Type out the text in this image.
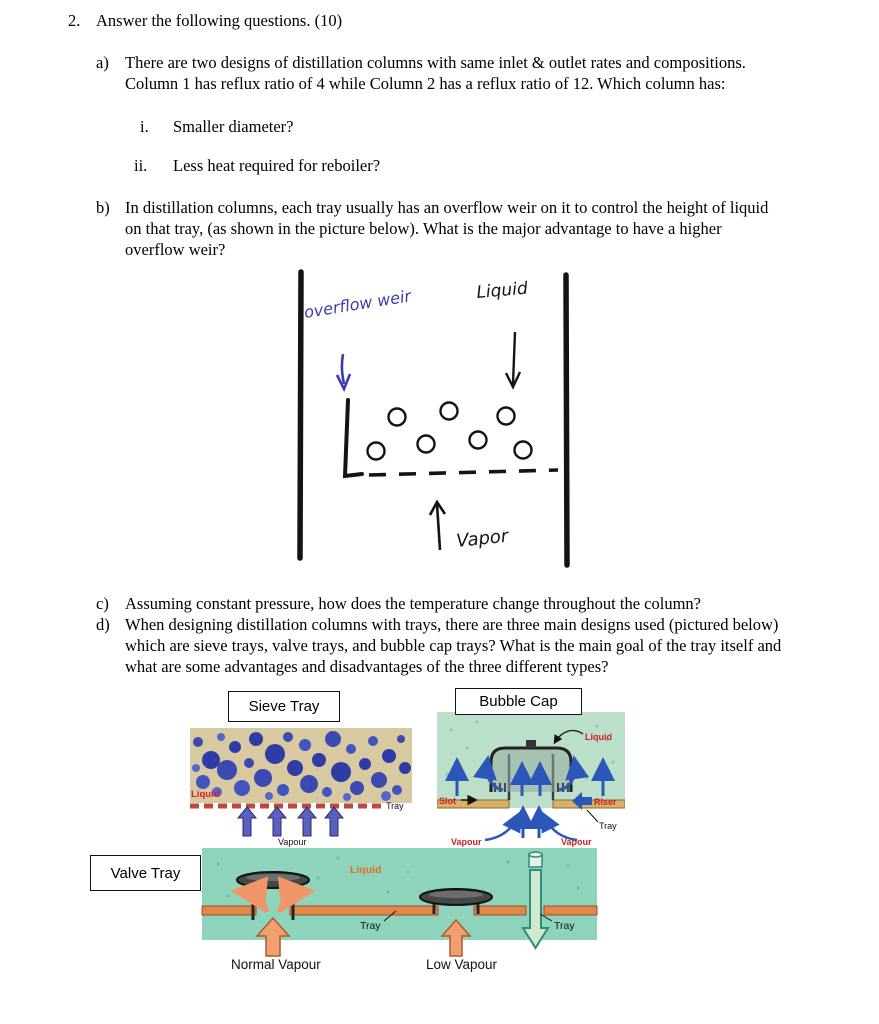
2. Answer the following questions. (10)
a) There are two designs of distillation columns with same inlet & outlet rates and compositions. Column 1 has reflux ratio of 4 while Column 2 has a reflux ratio of 12. Which column has:
i. Smaller diameter?
ii. Less heat required for reboiler?
b) In distillation columns, each tray usually has an overflow weir on it to control the height of liquid on that tray, (as shown in the picture below). What is the major advantage to have a higher overflow weir?
overflow weir	Liquid
Vapor
c) Assuming constant pressure, how does the temperature change throughout the column?
d) When designing distillation columns with trays, there are three main designs used (pictured below) which are sieve trays, valve trays, and bubble cap trays? What is the main goal of the tray itself and what are some advantages and disadvantages of the three different types?
Liquid
Tray
Vapour
Liquid
Slot	Riser
Tray
Vapour	Vapour
Sieve Tray	Bubble Cap
Liquid
Tray	Tray
Normal Vapour	Low Vapour
Valve Tray
